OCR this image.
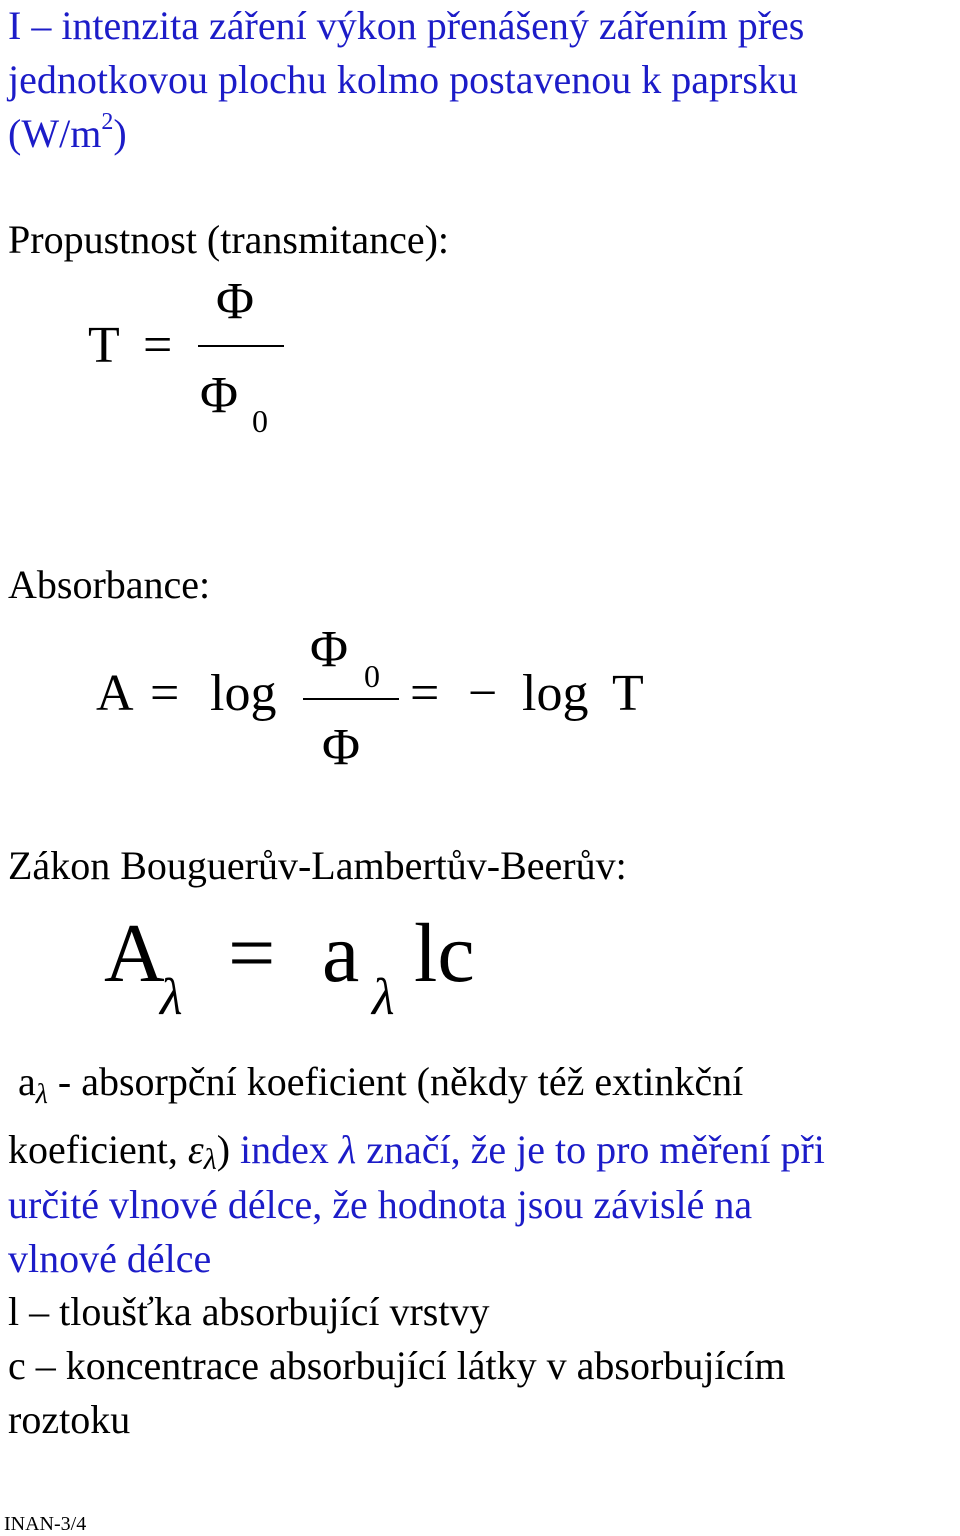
I – intenzita záření výkon přenášený zářením přes
jednotkovou plochu kolmo postavenou k paprsku
$(W/m^2)$
Propustnost (transmitance):
T =
Φ
Φ 0
Absorbance:
A = log
Φ 0
Φ
= − log T
Zákon Bouguerův-Lambertův-Beerův:
A
λ = a λ lc
$a_\lambda$ - absorpční koeficient (někdy též extinkční
koeficient, ελ) index λ značí, že je to pro měření při
určité vlnové délce, že hodnota jsou závislé na
vlnové délce
l – tloušťka absorbující vrstvy
c – koncentrace absorbující látky v absorbujícím
roztoku
INAN-3/4
